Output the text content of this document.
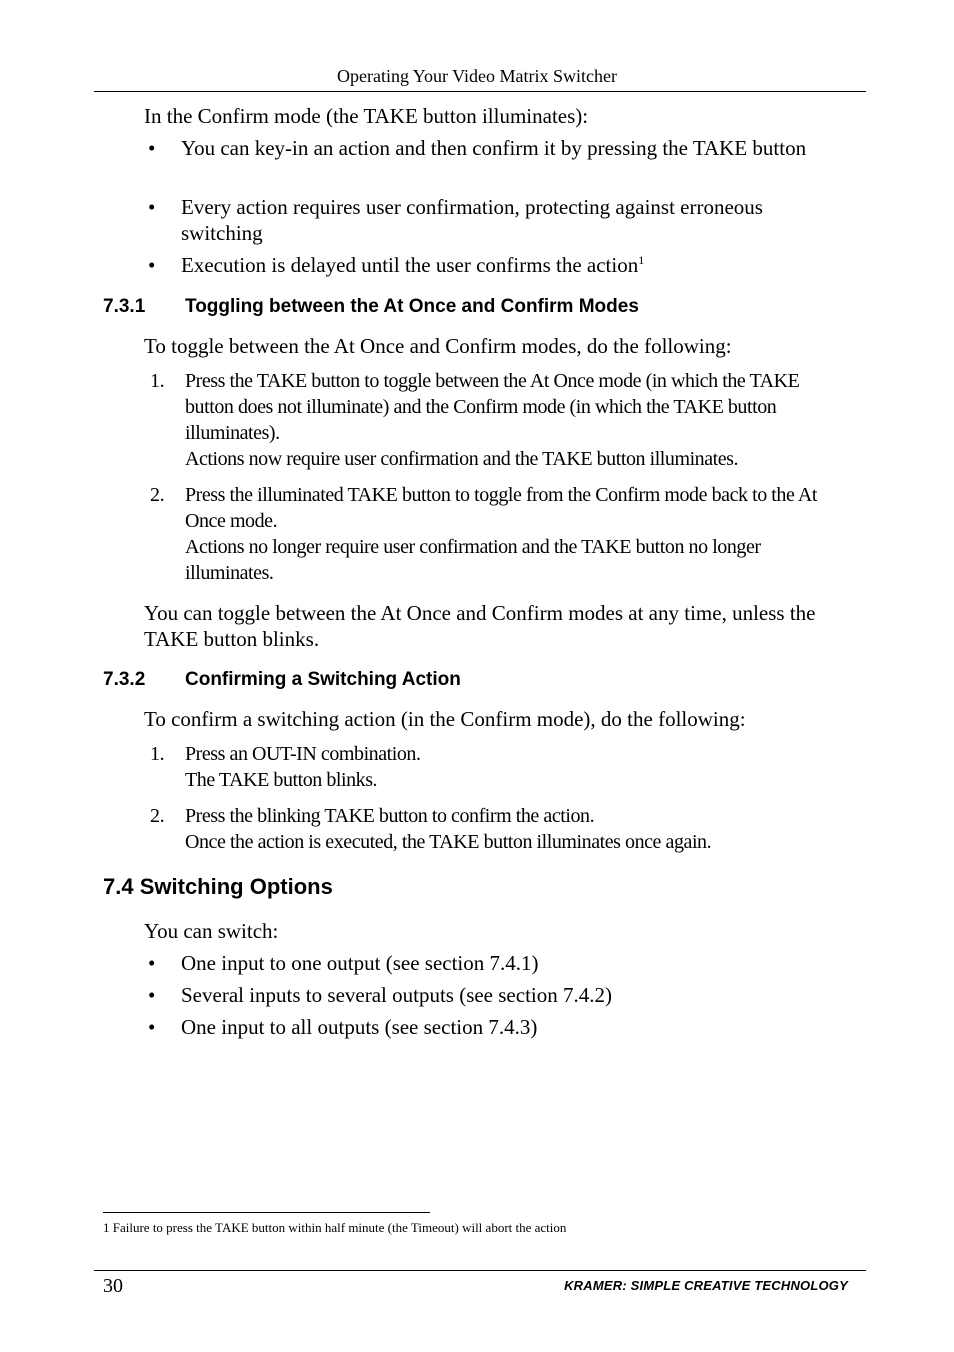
Operating Your Video Matrix Switcher
In the Confirm mode (the TAKE button illuminates):
• You can key-in an action and then confirm it by pressing the TAKE button
• Every action requires user confirmation, protecting against erroneous switching
• Execution is delayed until the user confirms the action$^1$
7.3.1 Toggling between the At Once and Confirm Modes
To toggle between the At Once and Confirm modes, do the following:
1. Press the TAKE button to toggle between the At Once mode (in which the TAKE button does not illuminate) and the Confirm mode (in which the TAKE button illuminates).
Actions now require user confirmation and the TAKE button illuminates.
2. Press the illuminated TAKE button to toggle from the Confirm mode back to the At Once mode.
Actions no longer require user confirmation and the TAKE button no longer illuminates.
You can toggle between the At Once and Confirm modes at any time, unless the TAKE button blinks.
7.3.2 Confirming a Switching Action
To confirm a switching action (in the Confirm mode), do the following:
1. Press an OUT-IN combination.
The TAKE button blinks.
2. Press the blinking TAKE button to confirm the action.
Once the action is executed, the TAKE button illuminates once again.
7.4 Switching Options
You can switch:
• One input to one output (see section 7.4.1)
• Several inputs to several outputs (see section 7.4.2)
• One input to all outputs (see section 7.4.3)
1 Failure to press the TAKE button within half minute (the Timeout) will abort the action
30	KRAMER: SIMPLE CREATIVE TECHNOLOGY
